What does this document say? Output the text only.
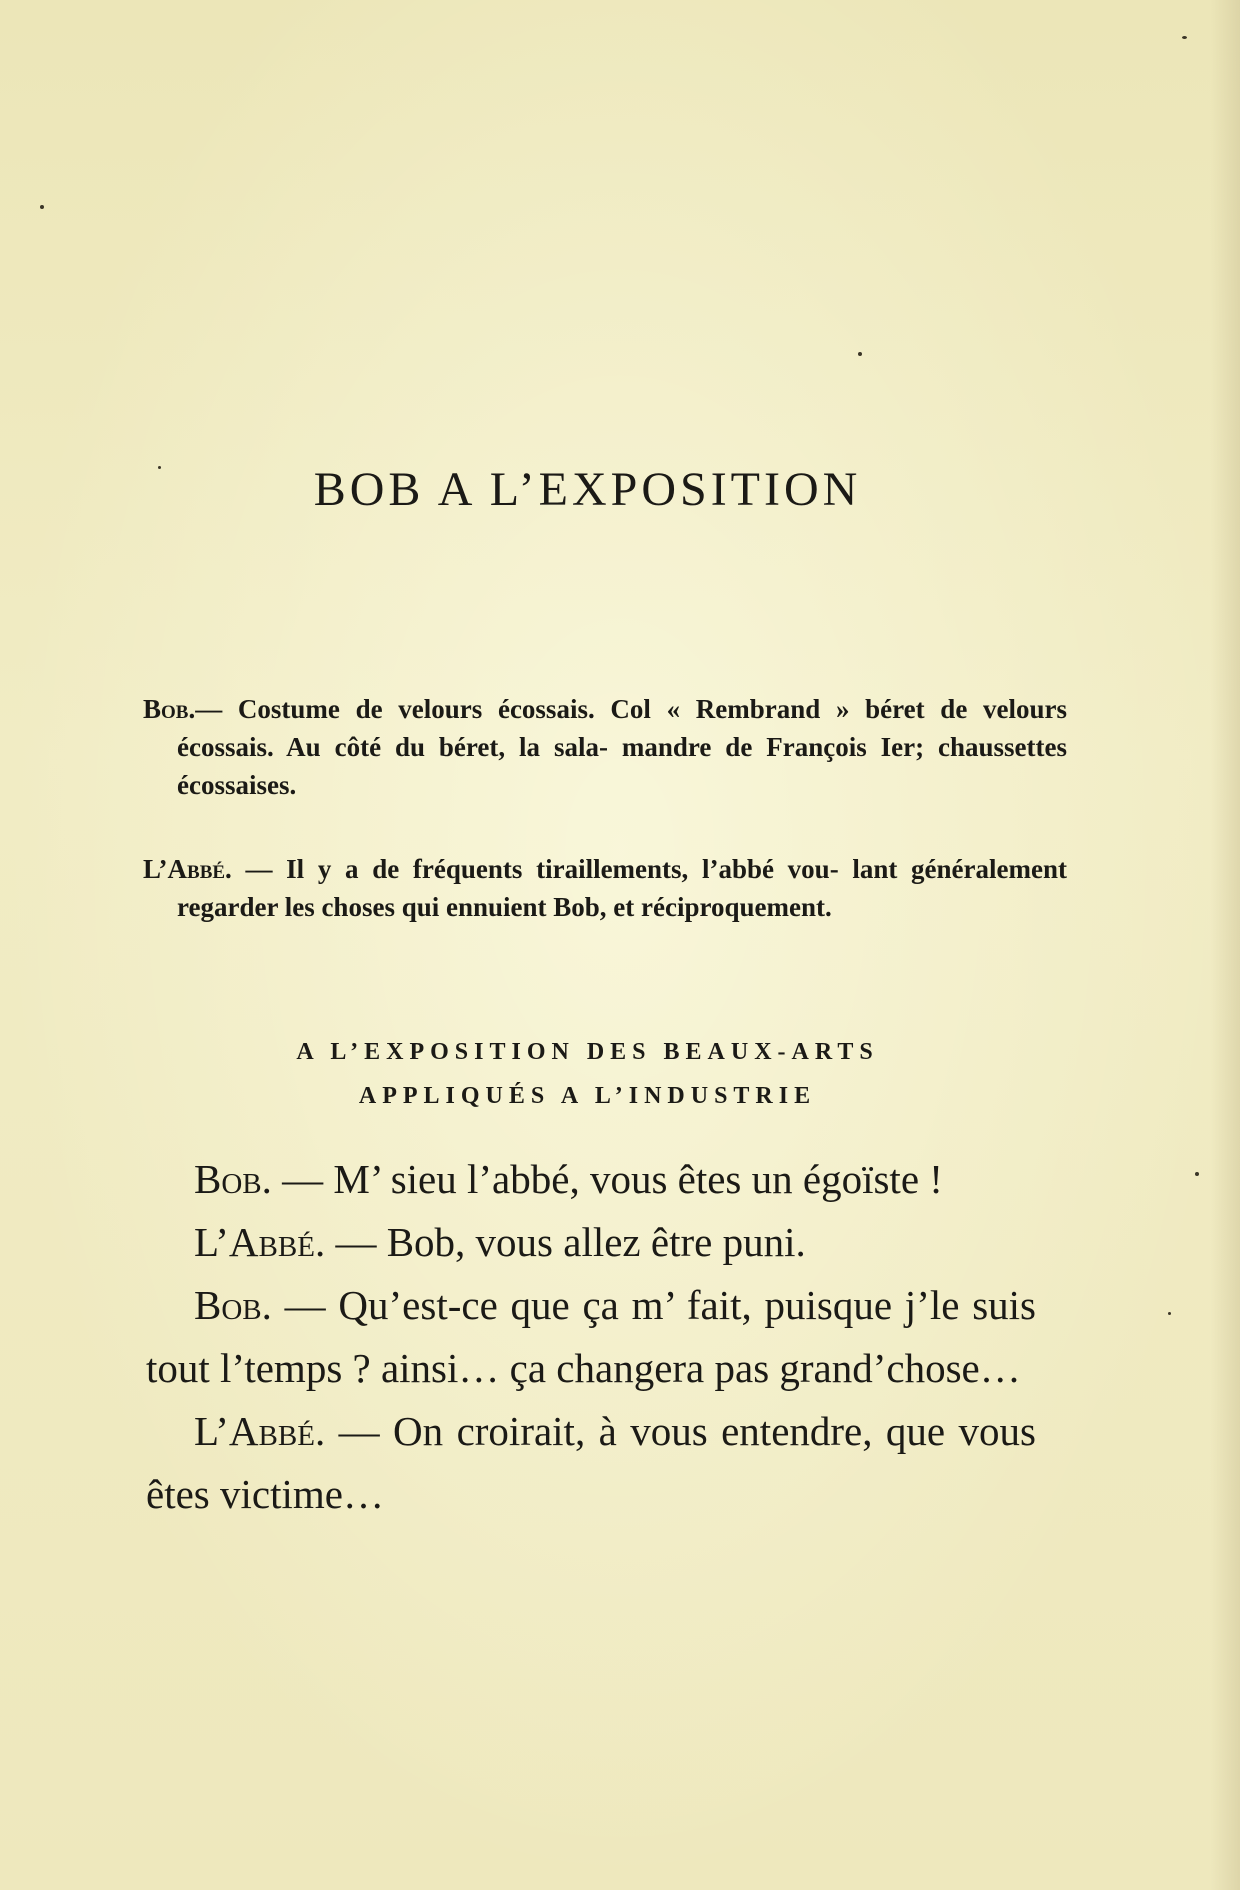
BOB A L’EXPOSITION

Bob.— Costume de velours écossais. Col « Rembrand » béret de velours écossais. Au côté du béret, la sala- mandre de François Ier; chaussettes écossaises.

L’Abbé. — Il y a de fréquents tiraillements, l’abbé vou- lant généralement regarder les choses qui ennuient Bob, et réciproquement.

A L’EXPOSITION DES BEAUX-ARTS
APPLIQUÉS A L’INDUSTRIE

Bob. — M’ sieu l’abbé, vous êtes un égoïste !

L’Abbé. — Bob, vous allez être puni.

Bob. — Qu’est-ce que ça m’ fait, puisque j’le suis tout l’temps ? ainsi… ça changera pas grand’chose…

L’Abbé. — On croirait, à vous entendre, que vous êtes victime…
